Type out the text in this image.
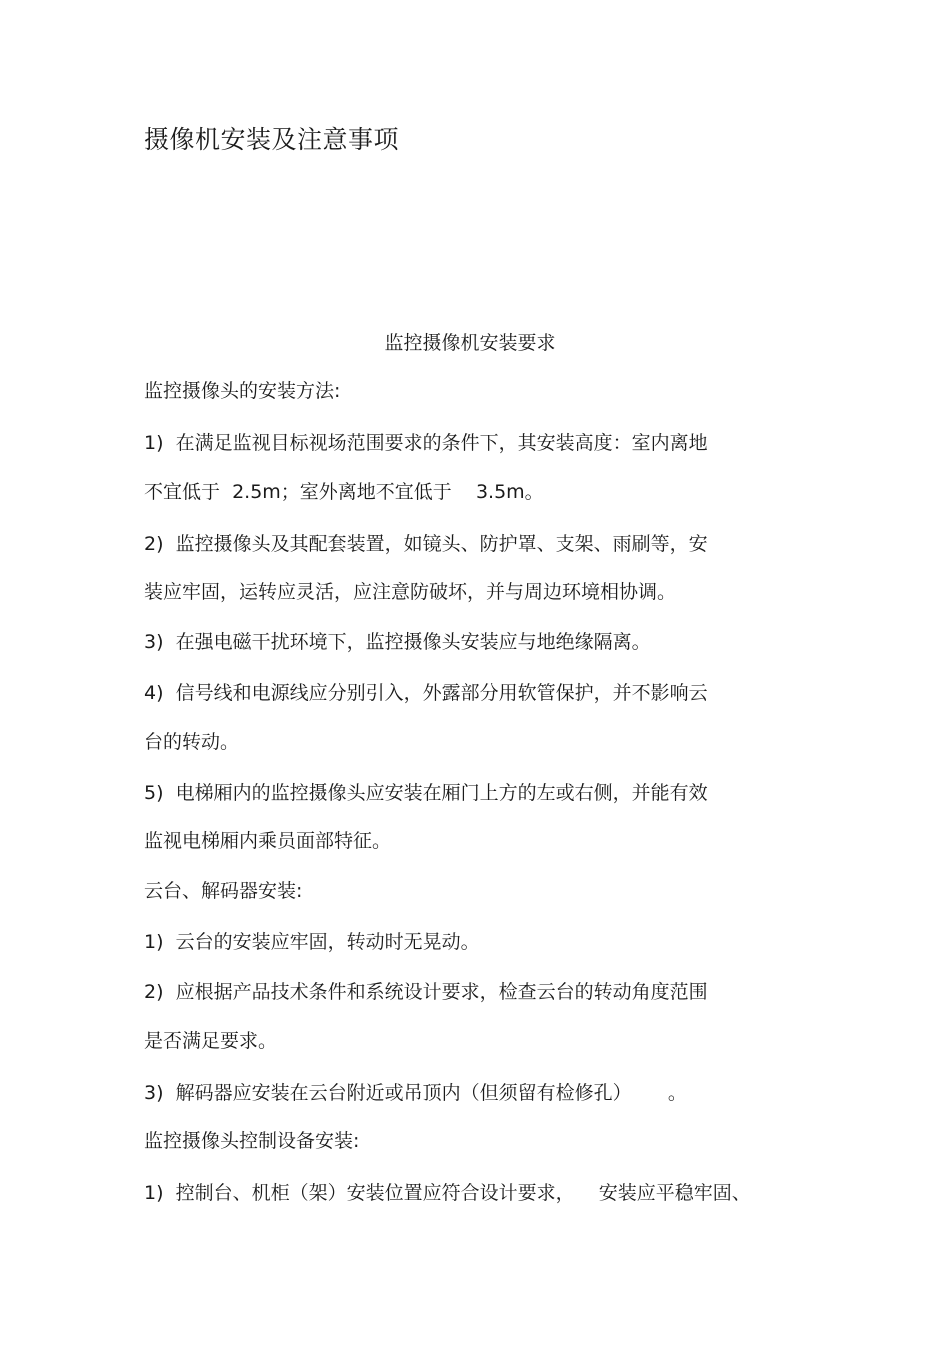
摄像机安装及注意事项
监控摄像机安装要求
监控摄像头的安装方法:
1)  在满足监视目标视场范围要求的条件下，其安装高度：室内离地
不宜低于  2.5m；室外离地不宜低于    3.5m。
2)  监控摄像头及其配套装置，如镜头、防护罩、支架、雨刷等，安
装应牢固，运转应灵活，应注意防破坏，并与周边环境相协调。
3)  在强电磁干扰环境下，监控摄像头安装应与地绝缘隔离。
4)  信号线和电源线应分别引入，外露部分用软管保护，并不影响云
台的转动。
5)  电梯厢内的监控摄像头应安装在厢门上方的左或右侧，并能有效
监视电梯厢内乘员面部特征。
云台、解码器安装:
1)  云台的安装应牢固，转动时无晃动。
2)  应根据产品技术条件和系统设计要求，检查云台的转动角度范围
是否满足要求。
3)  解码器应安装在云台附近或吊顶内（但须留有检修孔）      。
监控摄像头控制设备安装:
1)  控制台、机柜（架）安装位置应符合设计要求，    安装应平稳牢固、
